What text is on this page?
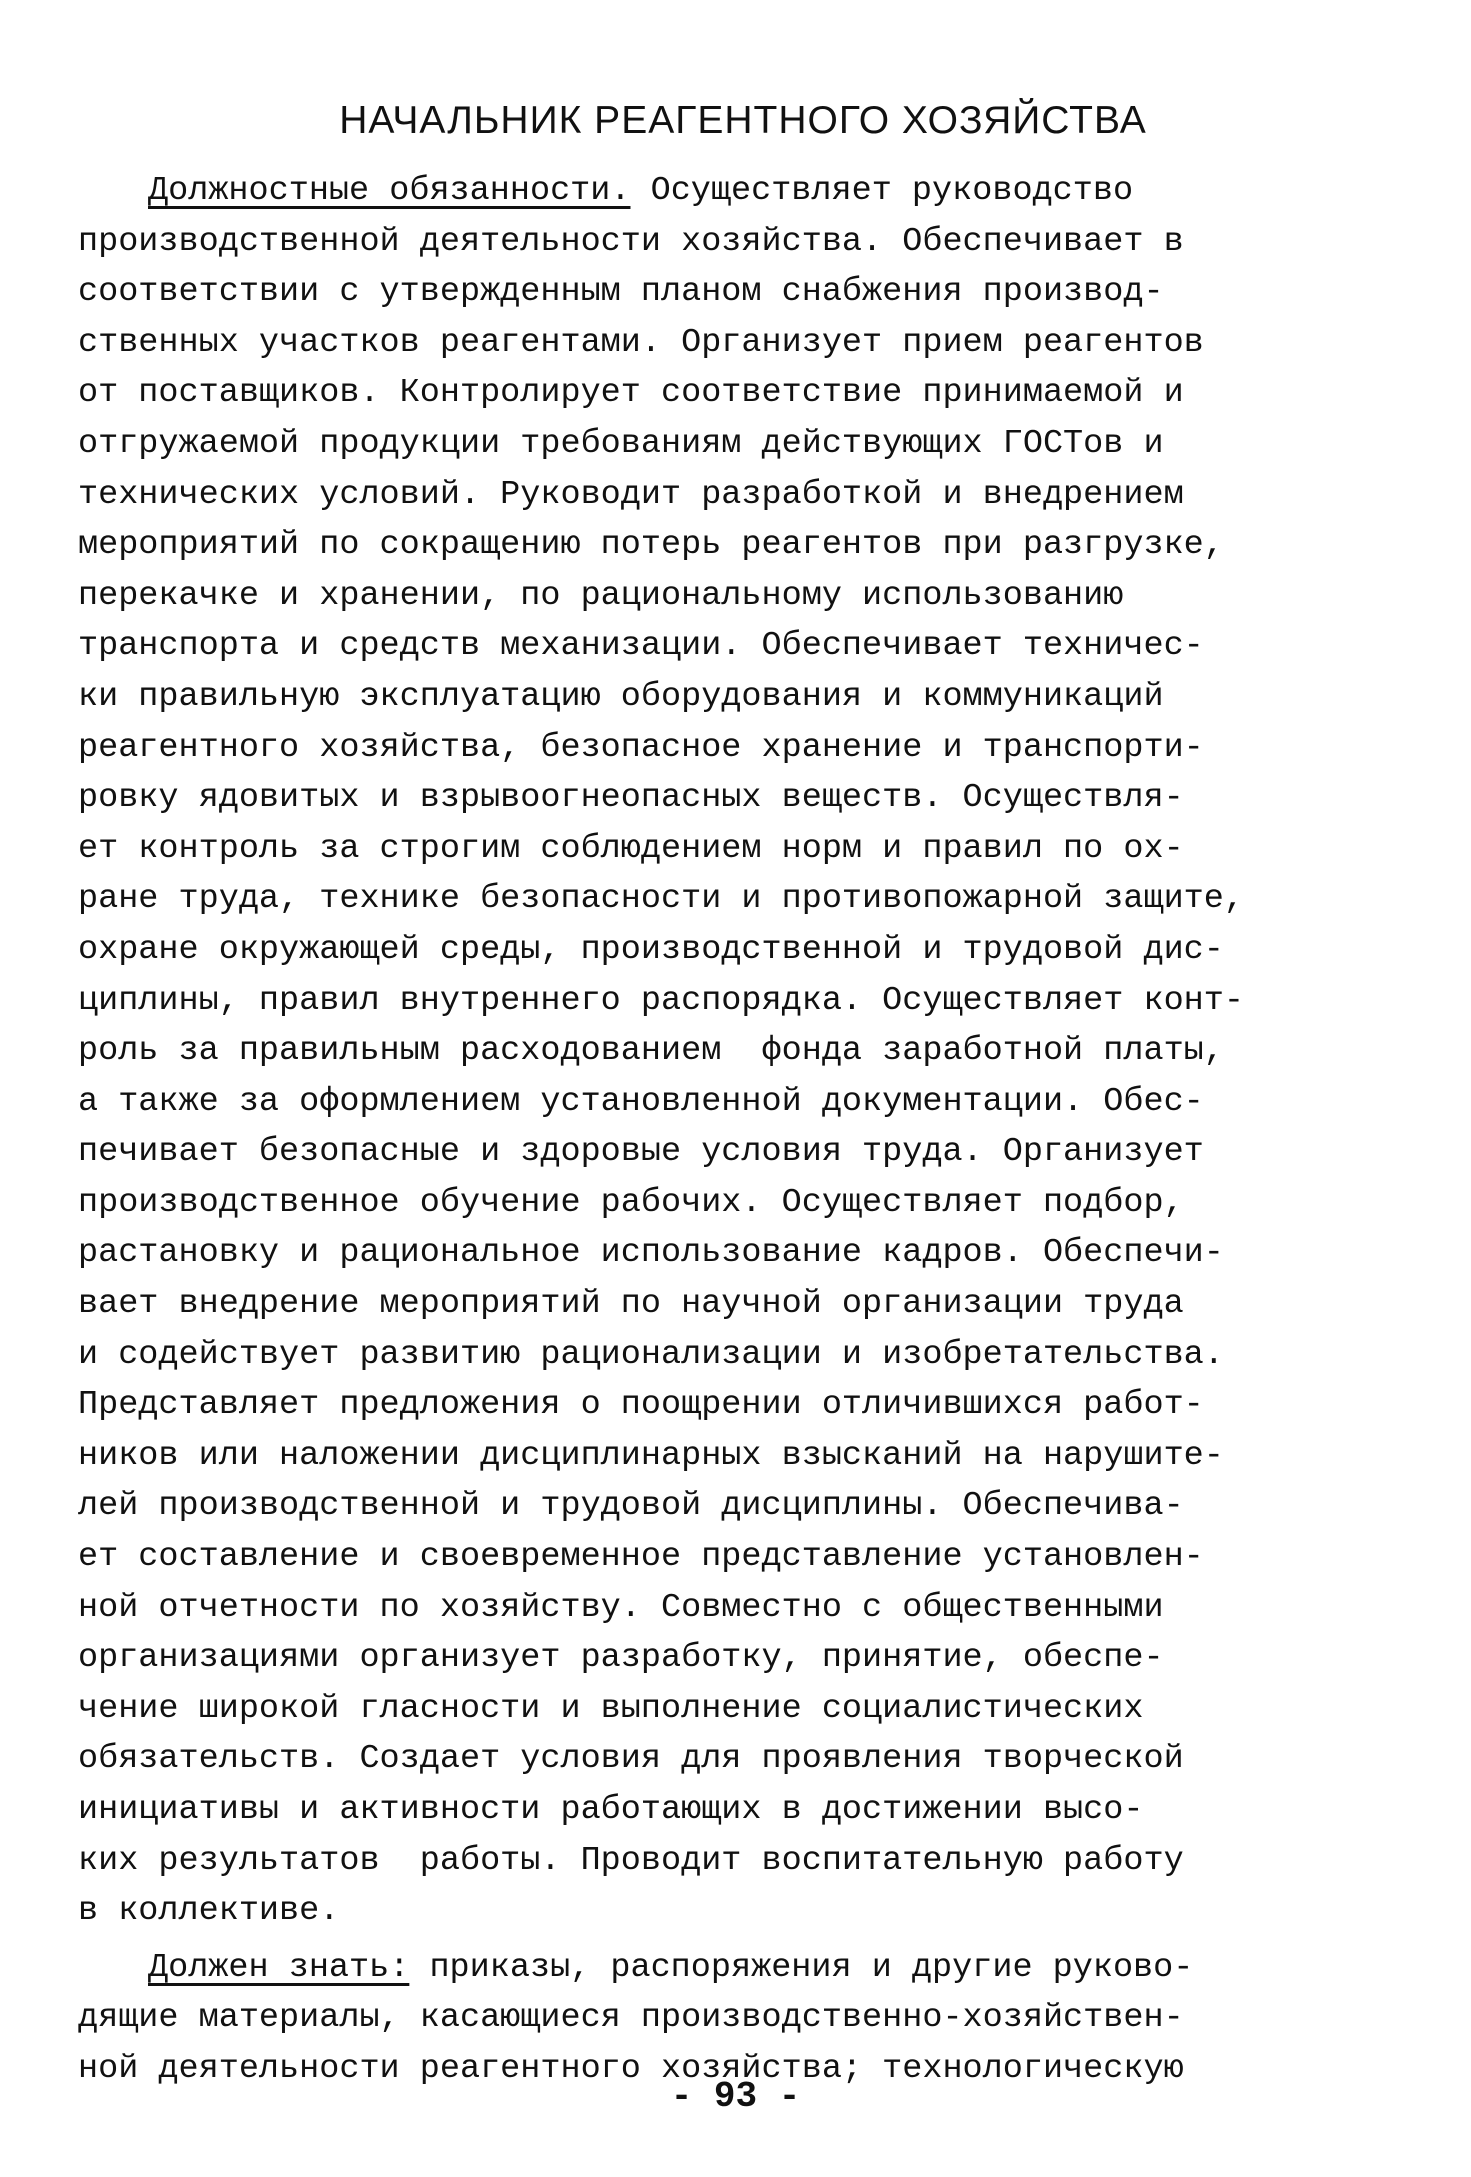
НАЧАЛЬНИК РЕАГЕНТНОГО ХОЗЯЙСТВА
Должностные обязанности. Осуществляет руководство
производственной деятельности хозяйства. Обеспечивает в
соответствии с утвержденным планом снабжения производ-
ственных участков реагентами. Организует прием реагентов
от поставщиков. Контролирует соответствие принимаемой и
отгружаемой продукции требованиям действующих ГОСТов и
технических условий. Руководит разработкой и внедрением
мероприятий по сокращению потерь реагентов при разгрузке,
перекачке и хранении, по рациональному использованию
транспорта и средств механизации. Обеспечивает техничес-
ки правильную эксплуатацию оборудования и коммуникаций
реагентного хозяйства, безопасное хранение и транспорти-
ровку ядовитых и взрывоогнеопасных веществ. Осуществля-
ет контроль за строгим соблюдением норм и правил по ох-
ране труда, технике безопасности и противопожарной защите,
охране окружающей среды, производственной и трудовой дис-
циплины, правил внутреннего распорядка. Осуществляет конт-
роль за правильным расходованием  фонда заработной платы,
а также за оформлением установленной документации. Обес-
печивает безопасные и здоровые условия труда. Организует
производственное обучение рабочих. Осуществляет подбор,
растановку и рациональное использование кадров. Обеспечи-
вает внедрение мероприятий по научной организации труда
и содействует развитию рационализации и изобретательства.
Представляет предложения о поощрении отличившихся работ-
ников или наложении дисциплинарных взысканий на нарушите-
лей производственной и трудовой дисциплины. Обеспечива-
ет составление и своевременное представление установлен-
ной отчетности по хозяйству. Совместно с общественными
организациями организует разработку, принятие, обеспе-
чение широкой гласности и выполнение социалистических
обязательств. Создает условия для проявления творческой
инициативы и активности работающих в достижении высо-
ких результатов  работы. Проводит воспитательную работу
в коллективе.
Должен знать: приказы, распоряжения и другие руково-
дящие материалы, касающиеся производственно-хозяйствен-
ной деятельности реагентного хозяйства; технологическую
- 93 -
